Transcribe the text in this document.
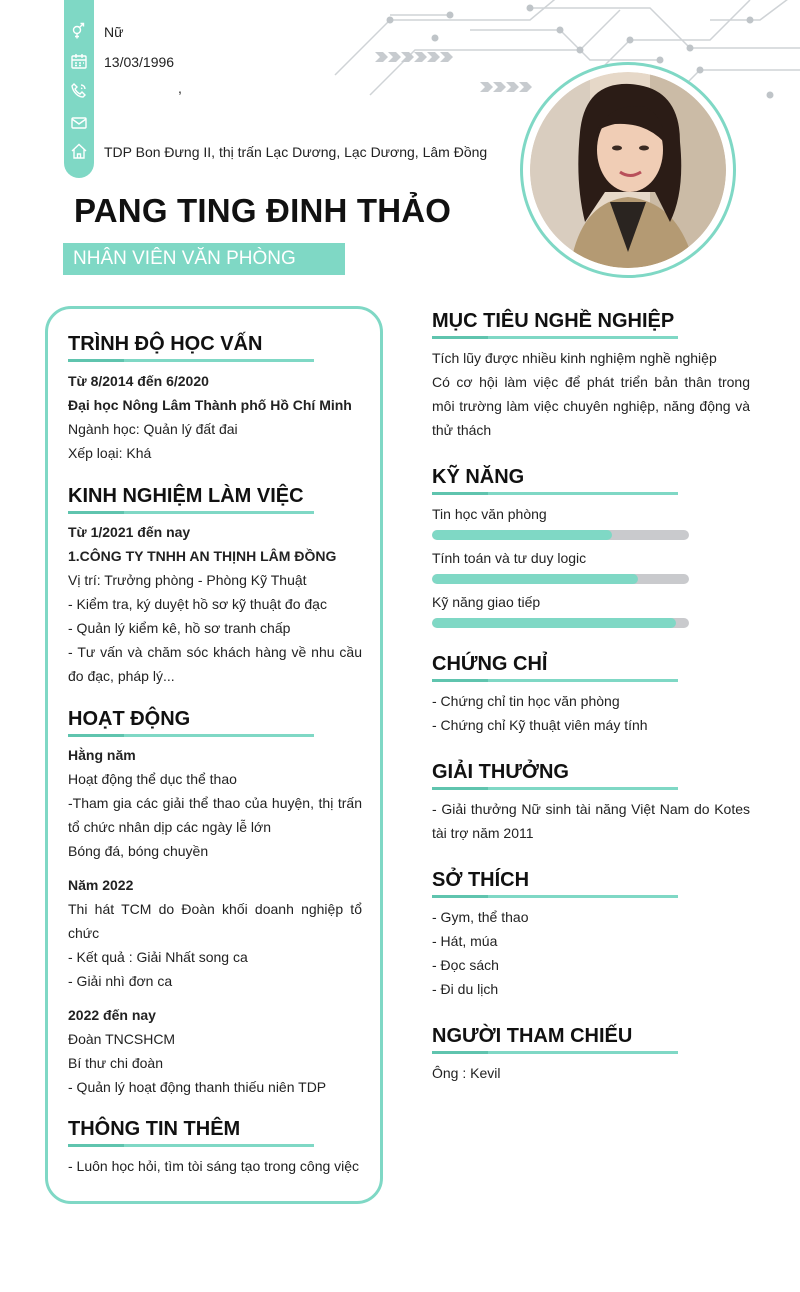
Nữ
13/03/1996
,
TDP Bon Đưng II, thị trấn Lạc Dương, Lạc Dương, Lâm Đồng
PANG TING ĐINH THẢO
NHÂN VIÊN VĂN PHÒNG
TRÌNH ĐỘ HỌC VẤN
Từ 8/2014 đến 6/2020
Đại học Nông Lâm Thành phố Hồ Chí Minh
Ngành học: Quản lý đất đai
Xếp loại: Khá
KINH NGHIỆM LÀM VIỆC
Từ 1/2021 đến nay
1.CÔNG TY TNHH AN THỊNH LÂM ĐỒNG
Vị trí: Trưởng phòng - Phòng Kỹ Thuật
- Kiểm tra, ký duyệt hồ sơ kỹ thuật đo đạc
- Quản lý kiểm kê, hồ sơ tranh chấp
- Tư vấn và chăm sóc khách hàng về nhu cầu đo đạc, pháp lý...
HOẠT ĐỘNG
Hằng năm
Hoạt động thể dục thể thao
-Tham gia các giải thể thao của huyện, thị trấn tổ chức nhân dịp các ngày lễ lớn
Bóng đá, bóng chuyền
Năm 2022
Thi hát TCM do Đoàn khối doanh nghiệp tổ chức
- Kết quả : Giải Nhất song ca
- Giải nhì đơn ca
2022 đến nay
Đoàn TNCSHCM
Bí thư chi đoàn
- Quản lý hoạt động thanh thiếu niên TDP
THÔNG TIN THÊM
- Luôn học hỏi, tìm tòi sáng tạo trong công việc
MỤC TIÊU NGHỀ NGHIỆP
Tích lũy được nhiều kinh nghiệm nghề nghiệp
Có cơ hội làm việc để phát triển bản thân trong môi trường làm việc chuyên nghiệp, năng động và thử thách
KỸ NĂNG
Tin học văn phòng
Tính toán và tư duy logic
Kỹ năng giao tiếp
CHỨNG CHỈ
- Chứng chỉ tin học văn phòng
- Chứng chỉ Kỹ thuật viên máy tính
GIẢI THƯỞNG
- Giải thưởng Nữ sinh tài năng Việt Nam do Kotes tài trợ năm 2011
SỞ THÍCH
- Gym, thể thao
- Hát, múa
- Đọc sách
- Đi du lịch
NGƯỜI THAM CHIẾU
Ông : Kevil
